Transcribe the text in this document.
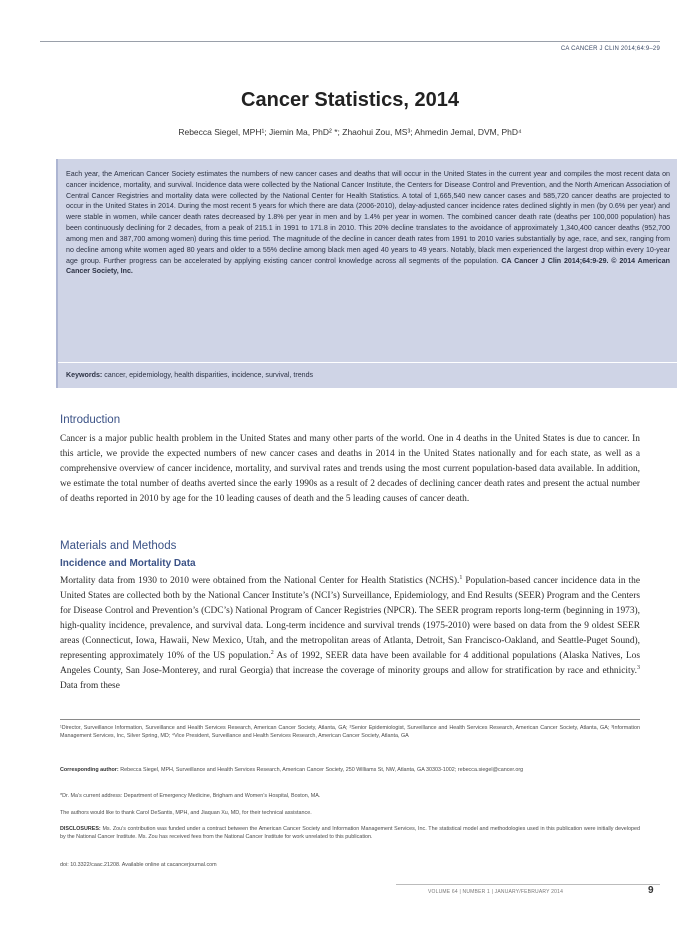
CA CANCER J CLIN 2014;64:9–29
Cancer Statistics, 2014
Rebecca Siegel, MPH¹; Jiemin Ma, PhD² *; Zhaohui Zou, MS³; Ahmedin Jemal, DVM, PhD⁴
Each year, the American Cancer Society estimates the numbers of new cancer cases and deaths that will occur in the United States in the current year and compiles the most recent data on cancer incidence, mortality, and survival. Incidence data were collected by the National Cancer Institute, the Centers for Disease Control and Prevention, and the North American Association of Central Cancer Registries and mortality data were collected by the National Center for Health Statistics. A total of 1,665,540 new cancer cases and 585,720 cancer deaths are projected to occur in the United States in 2014. During the most recent 5 years for which there are data (2006-2010), delay-adjusted cancer incidence rates declined slightly in men (by 0.6% per year) and were stable in women, while cancer death rates decreased by 1.8% per year in men and by 1.4% per year in women. The combined cancer death rate (deaths per 100,000 population) has been continuously declining for 2 decades, from a peak of 215.1 in 1991 to 171.8 in 2010. This 20% decline translates to the avoidance of approximately 1,340,400 cancer deaths (952,700 among men and 387,700 among women) during this time period. The magnitude of the decline in cancer death rates from 1991 to 2010 varies substantially by age, race, and sex, ranging from no decline among white women aged 80 years and older to a 55% decline among black men aged 40 years to 49 years. Notably, black men experienced the largest drop within every 10-year age group. Further progress can be accelerated by applying existing cancer control knowledge across all segments of the population. CA Cancer J Clin 2014;64:9-29. © 2014 American Cancer Society, Inc.
Keywords: cancer, epidemiology, health disparities, incidence, survival, trends
Introduction
Cancer is a major public health problem in the United States and many other parts of the world. One in 4 deaths in the United States is due to cancer. In this article, we provide the expected numbers of new cancer cases and deaths in 2014 in the United States nationally and for each state, as well as a comprehensive overview of cancer incidence, mortality, and survival rates and trends using the most current population-based data available. In addition, we estimate the total number of deaths averted since the early 1990s as a result of 2 decades of declining cancer death rates and present the actual number of deaths reported in 2010 by age for the 10 leading causes of death and the 5 leading causes of cancer death.
Materials and Methods
Incidence and Mortality Data
Mortality data from 1930 to 2010 were obtained from the National Center for Health Statistics (NCHS).$^1$ Population-based cancer incidence data in the United States are collected both by the National Cancer Institute’s (NCI’s) Surveillance, Epidemiology, and End Results (SEER) Program and the Centers for Disease Control and Prevention’s (CDC’s) National Program of Cancer Registries (NPCR). The SEER program reports long-term (beginning in 1973), high-quality incidence, prevalence, and survival data. Long-term incidence and survival trends (1975-2010) were based on data from the 9 oldest SEER areas (Connecticut, Iowa, Hawaii, New Mexico, Utah, and the metropolitan areas of Atlanta, Detroit, San Francisco-Oakland, and Seattle-Puget Sound), representing approximately 10% of the US population.$^2$ As of 1992, SEER data have been available for 4 additional populations (Alaska Natives, Los Angeles County, San Jose-Monterey, and rural Georgia) that increase the coverage of minority groups and allow for stratification by race and ethnicity.$^3$ Data from these
¹Director, Surveillance Information, Surveillance and Health Services Research, American Cancer Society, Atlanta, GA; ²Senior Epidemiologist, Surveillance and Health Services Research, American Cancer Society, Atlanta, GA; ³Information Management Services, Inc, Silver Spring, MD; ⁴Vice President, Surveillance and Health Services Research, American Cancer Society, Atlanta, GA
Corresponding author: Rebecca Siegel, MPH, Surveillance and Health Services Research, American Cancer Society, 250 Williams St, NW, Atlanta, GA 30303-1002; rebecca.siegel@cancer.org
*Dr. Ma’s current address: Department of Emergency Medicine, Brigham and Women’s Hospital, Boston, MA.
The authors would like to thank Carol DeSantis, MPH, and Jiaquan Xu, MD, for their technical assistance.
DISCLOSURES: Ms. Zou’s contribution was funded under a contract between the American Cancer Society and Information Management Services, Inc. The statistical model and methodologies used in this publication were initially developed by the National Cancer Institute. Ms. Zou has received fees from the National Cancer Institute for work unrelated to this publication.
doi: 10.3322/caac.21208. Available online at cacancerjournal.com
VOLUME 64 | NUMBER 1 | JANUARY/FEBRUARY 2014	9
